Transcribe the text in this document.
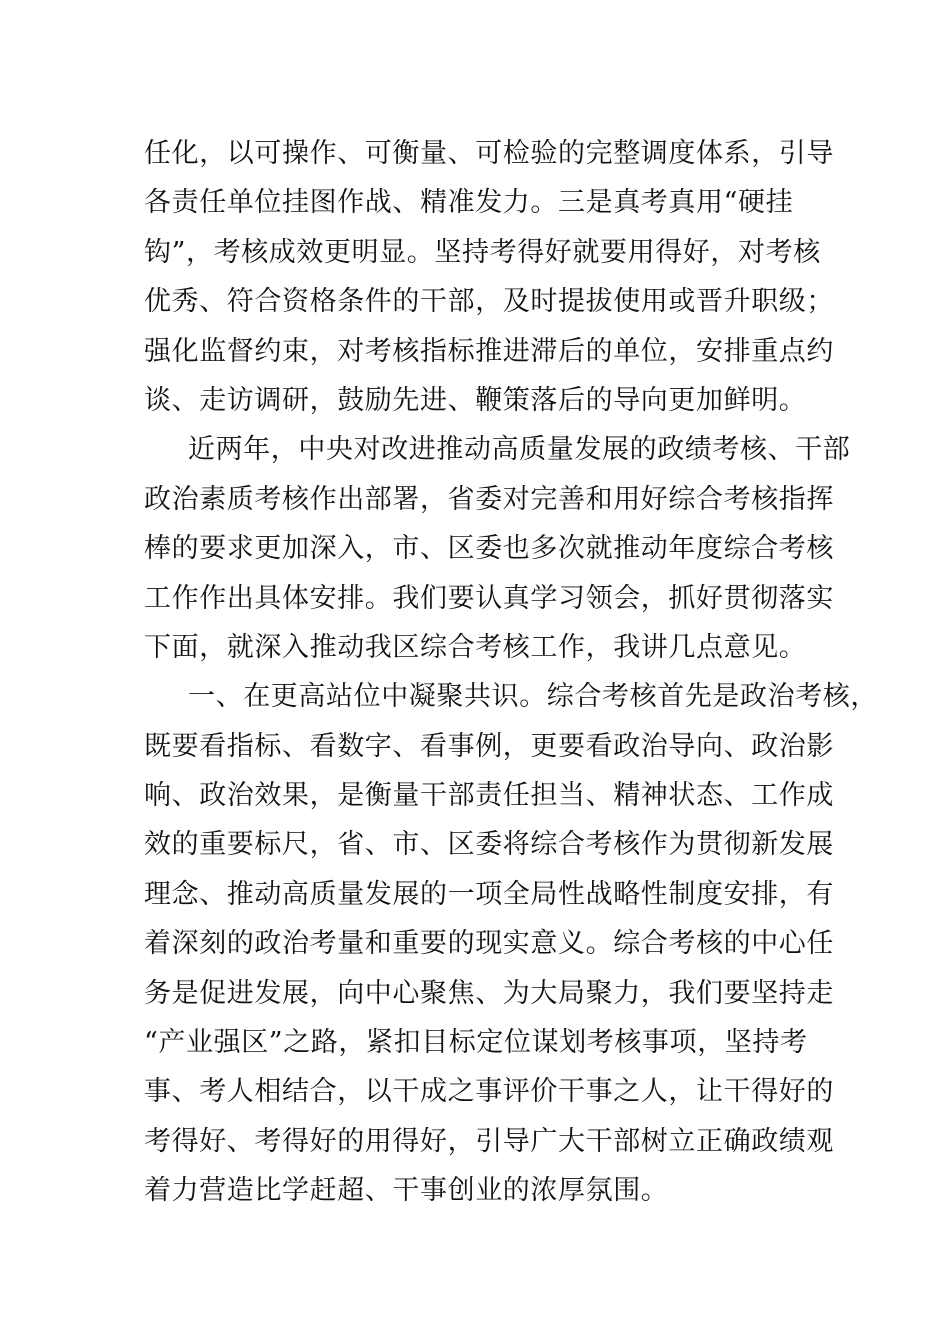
任化，以可操作、可衡量、可检验的完整调度体系，引导
各责任单位挂图作战、精准发力。三是真考真用“硬挂
钩”，考核成效更明显。坚持考得好就要用得好，对考核
优秀、符合资格条件的干部，及时提拔使用或晋升职级；
强化监督约束，对考核指标推进滞后的单位，安排重点约
谈、走访调研，鼓励先进、鞭策落后的导向更加鲜明。
近两年，中央对改进推动高质量发展的政绩考核、干部
政治素质考核作出部署，省委对完善和用好综合考核指挥
棒的要求更加深入，市、区委也多次就推动年度综合考核
工作作出具体安排。我们要认真学习领会，抓好贯彻落实
下面，就深入推动我区综合考核工作，我讲几点意见。
一、在更高站位中凝聚共识。综合考核首先是政治考核，
既要看指标、看数字、看事例，更要看政治导向、政治影
响、政治效果，是衡量干部责任担当、精神状态、工作成
效的重要标尺，省、市、区委将综合考核作为贯彻新发展
理念、推动高质量发展的一项全局性战略性制度安排，有
着深刻的政治考量和重要的现实意义。综合考核的中心任
务是促进发展，向中心聚焦、为大局聚力，我们要坚持走
“产业强区”之路，紧扣目标定位谋划考核事项，坚持考
事、考人相结合，以干成之事评价干事之人，让干得好的
考得好、考得好的用得好，引导广大干部树立正确政绩观
着力营造比学赶超、干事创业的浓厚氛围。
